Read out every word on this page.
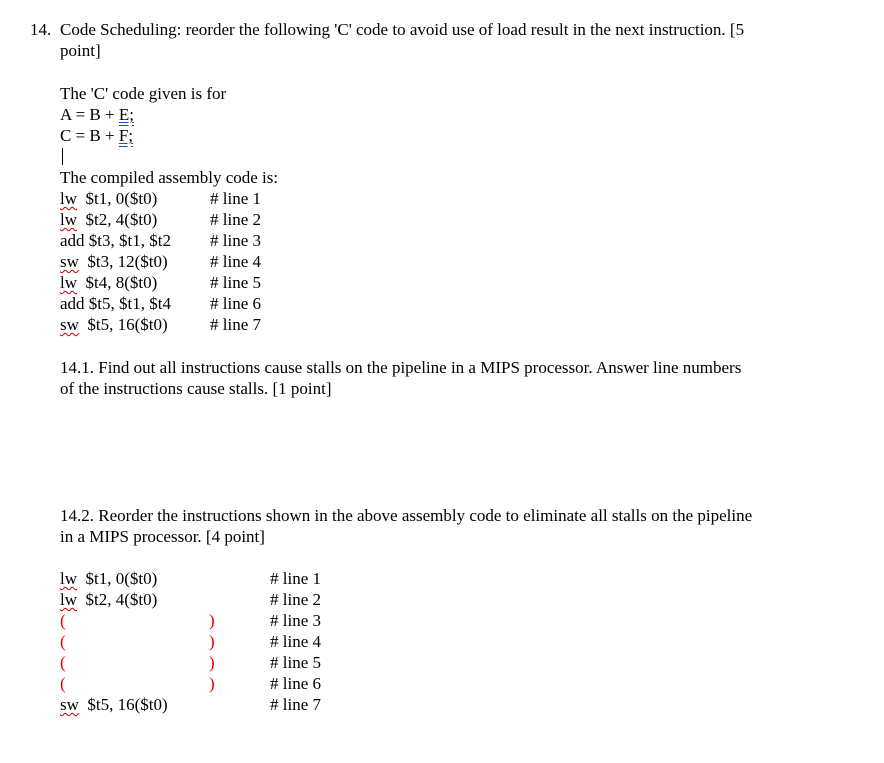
14. Code Scheduling: reorder the following 'C' code to avoid use of load result in the next instruction. [5
point]
The 'C' code given is for
A = B + E;
C = B + F;
The compiled assembly code is:
lw $t1, 0($t0)	# line 1
lw $t2, 4($t0)	# line 2
add $t3, $t1, $t2 # line 3
sw $t3, 12($t0) # line 4
lw $t4, 8($t0)	# line 5
add $t5, $t1, $t4 # line 6
sw $t5, 16($t0) # line 7
14.1. Find out all instructions cause stalls on the pipeline in a MIPS processor. Answer line numbers
of the instructions cause stalls. [1 point]
14.2. Reorder the instructions shown in the above assembly code to eliminate all stalls on the pipeline
in a MIPS processor. [4 point]
lw $t1, 0($t0)	# line 1
lw $t2, 4($t0)	# line 2
(	)	# line 3
(	)	# line 4
(	)	# line 5
(	)	# line 6
sw $t5, 16($t0)	# line 7
